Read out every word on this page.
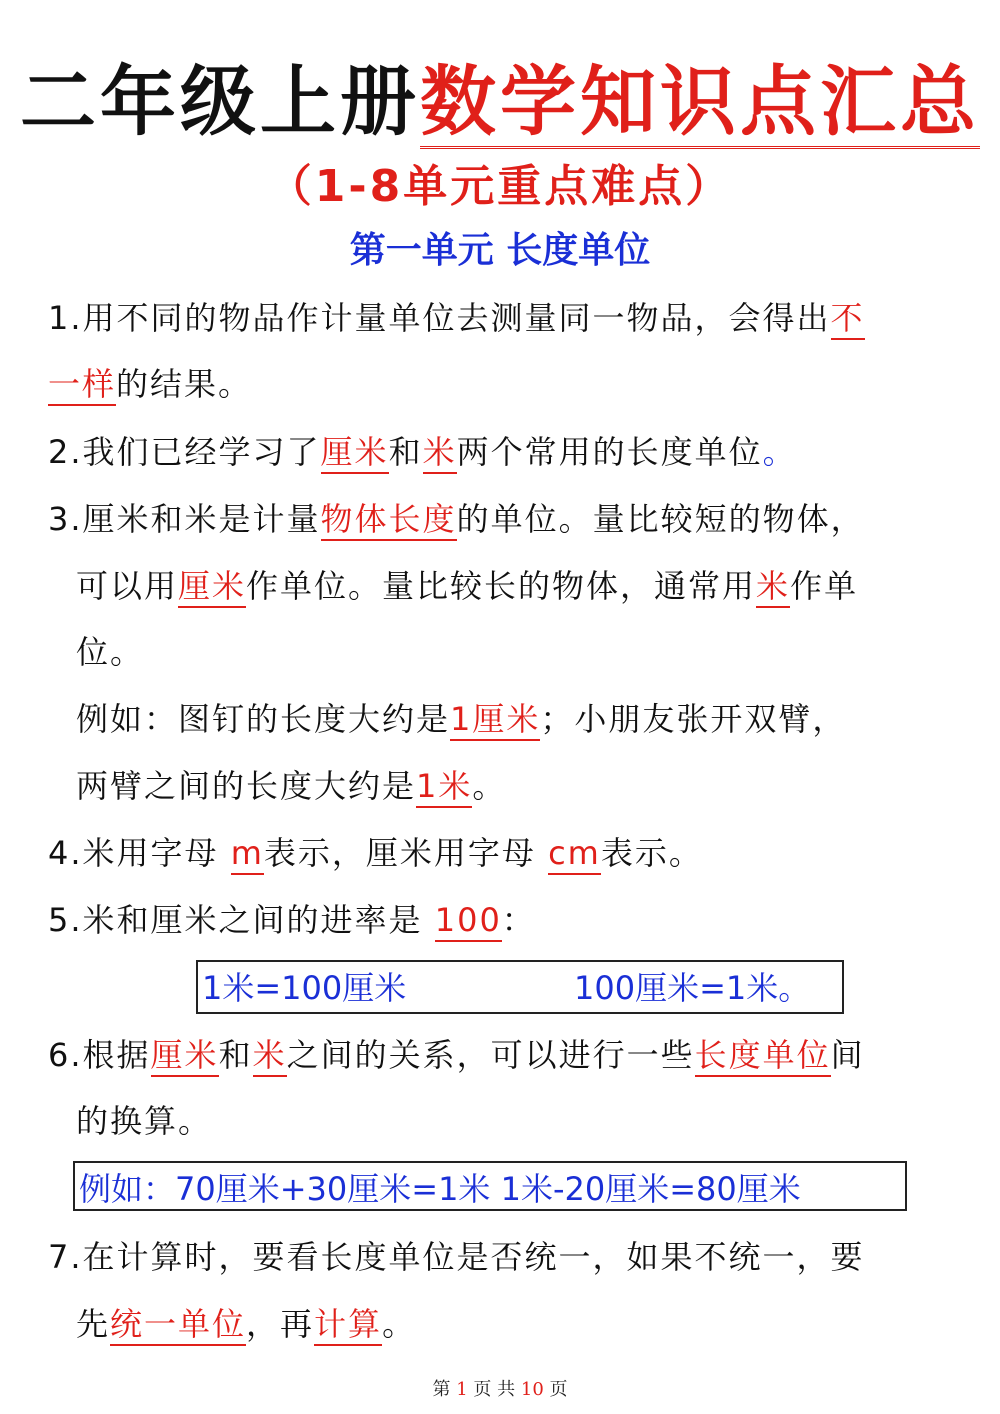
二年级上册数学知识点汇总
（1-8单元重点难点）
第一单元 长度单位
1.用不同的物品作计量单位去测量同一物品，会得出不
一样的结果。
2.我们已经学习了厘米和米两个常用的长度单位。
3.厘米和米是计量物体长度的单位。量比较短的物体，
可以用厘米作单位。量比较长的物体，通常用米作单
位。
例如：图钉的长度大约是1厘米；小朋友张开双臂，
两臂之间的长度大约是1米。
4.米用字母 m表示，厘米用字母 cm表示。
5.米和厘米之间的进率是 100：
1米=100厘米	100厘米=1米。
6.根据厘米和米之间的关系，可以进行一些长度单位间
的换算。
例如：70厘米+30厘米=1米 1米-20厘米=80厘米
7.在计算时，要看长度单位是否统一，如果不统一，要
先统一单位，再计算。
第 1 页 共 10 页
